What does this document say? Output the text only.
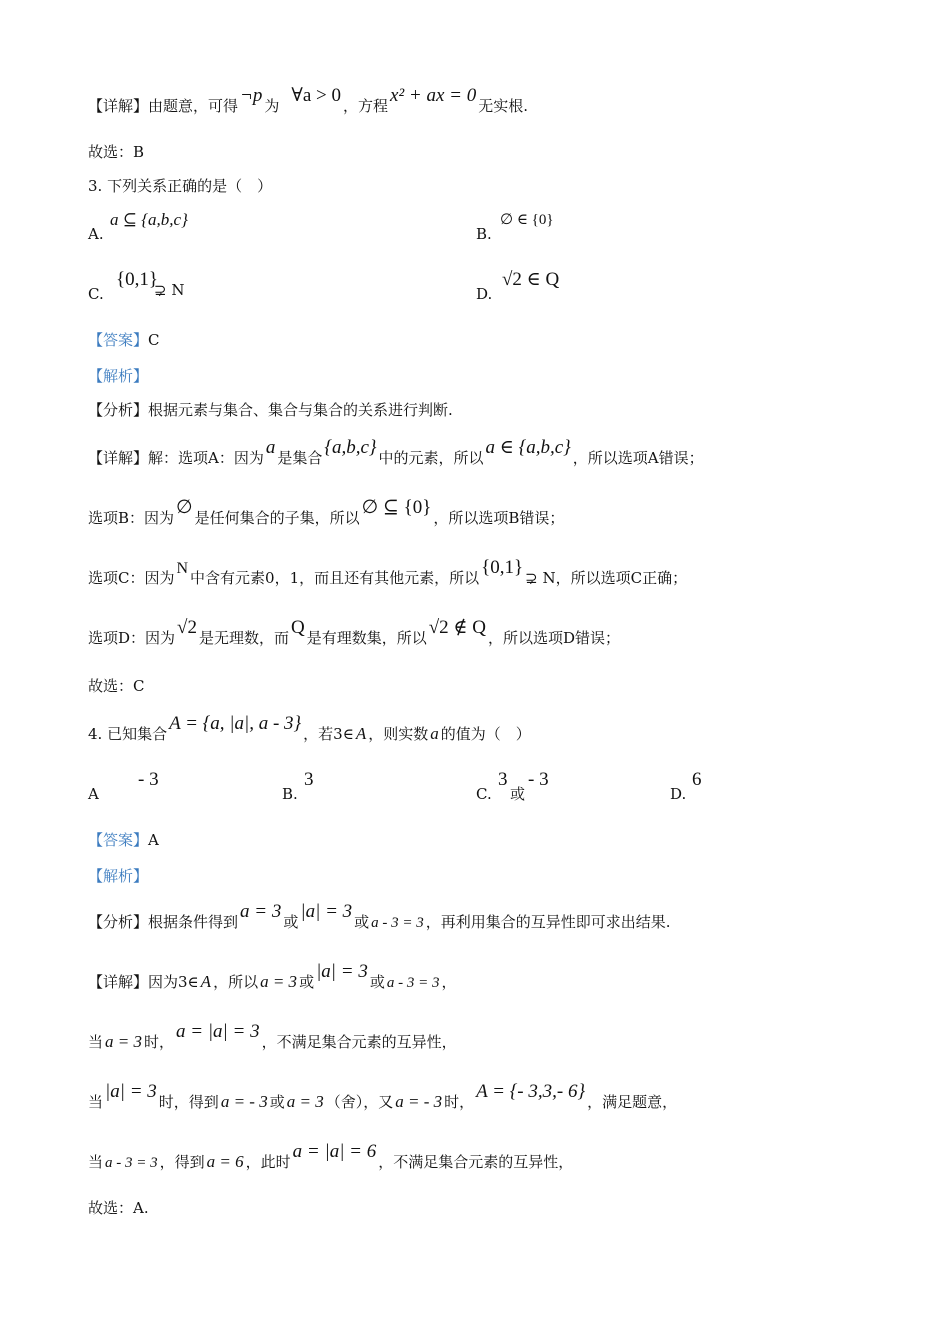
【详解】由题意，可得 ¬p 为 ∀a > 0 ，方程 x² + ax = 0 无实根.
故选：B
3. 下列关系正确的是（　）
A.
a ⊆ {a,b,c}
B.
∅ ∈ {0}
C.
{0,1}
⊋ N	D.
√2 ∈ Q
【答案】C
【解析】
【分析】根据元素与集合、集合与集合的关系进行判断.
【详解】解：选项A：因为 a 是集合 {a,b,c} 中的元素，所以 a ∈ {a,b,c} ，所以选项A错误；
选项B：因为 ∅ 是任何集合的子集，所以 ∅ ⊆ {0} ，所以选项B错误；
选项C：因为N中含有元素0，1，而且还有其他元素，所以 {0,1} ⊋ N，所以选项C正确；
选项D：因为 √2 是无理数，而 Q 是有理数集，所以 √2 ∉ Q ，所以选项D错误；
故选：C
4. 已知集合 A = {a, |a|, a - 3} ，若3∈ A ，则实数 a 的值为（　）
A
- 3
B.
3
C.
3
或
- 3
D.
6
【答案】A
【解析】
【分析】根据条件得到 a = 3 或 |a| = 3 或 a - 3 = 3 ，再利用集合的互异性即可求出结果.
【详解】因为3∈ A ，所以 a = 3 或 |a| = 3 或 a - 3 = 3 ，
当 a = 3 时， a = |a| = 3 ，不满足集合元素的互异性，
当 |a| = 3 时，得到 a = - 3 或 a = 3 （舍），又 a = - 3 时， A = {- 3,3,- 6} ，满足题意，
当 a - 3 = 3 ，得到 a = 6 ，此时 a = |a| = 6 ，不满足集合元素的互异性，
故选：A.
